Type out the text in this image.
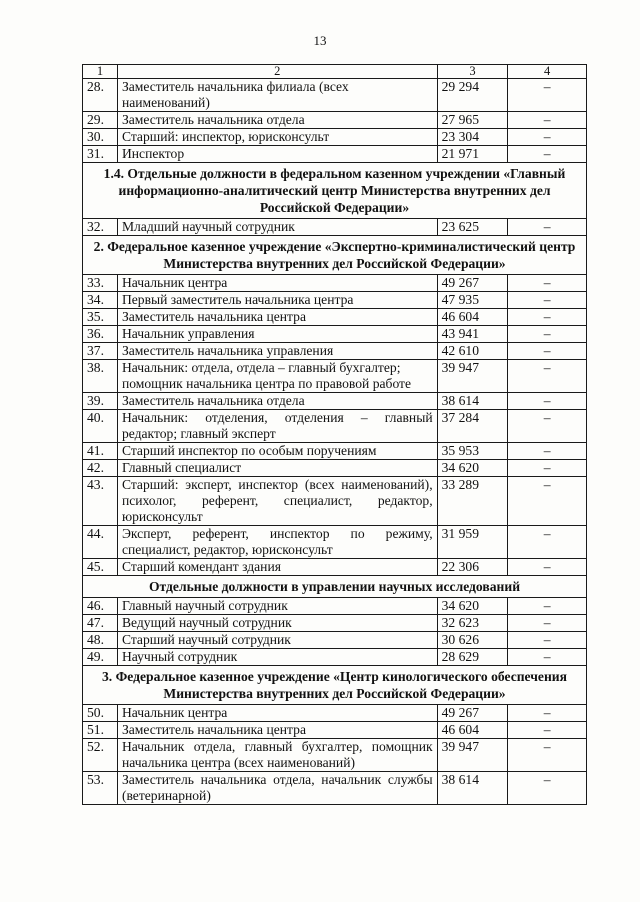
13
1	2	3	4
28.	Заместитель начальника филиала (всех наименований)	29 294	–
29.	Заместитель начальника отдела	27 965	–
30.	Старший: инспектор, юрисконсульт	23 304	–
31.	Инспектор	21 971	–
1.4. Отдельные должности в федеральном казенном учреждении «Главный информационно-аналитический центр Министерства внутренних дел Российской Федерации»			
32.	Младший научный сотрудник	23 625	–
2. Федеральное казенное учреждение «Экспертно-криминалистический центр Министерства внутренних дел Российской Федерации»			
33.	Начальник центра	49 267	–
34.	Первый заместитель начальника центра	47 935	–
35.	Заместитель начальника центра	46 604	–
36.	Начальник управления	43 941	–
37.	Заместитель начальника управления	42 610	–
38.	Начальник: отдела, отдела – главный бухгалтер; помощник начальника центра по правовой работе	39 947	–
39.	Заместитель начальника отдела	38 614	–
40.	Начальник: отделения, отделения – главный редактор; главный эксперт	37 284	–
41.	Старший инспектор по особым поручениям	35 953	–
42.	Главный специалист	34 620	–
43.	Старший: эксперт, инспектор (всех наименований), психолог, референт, специалист, редактор, юрисконсульт	33 289	–
44.	Эксперт, референт, инспектор по режиму, специалист, редактор, юрисконсульт	31 959	–
45.	Старший комендант здания	22 306	–
Отдельные должности в управлении научных исследований			
46.	Главный научный сотрудник	34 620	–
47.	Ведущий научный сотрудник	32 623	–
48.	Старший научный сотрудник	30 626	–
49.	Научный сотрудник	28 629	–
3. Федеральное казенное учреждение «Центр кинологического обеспечения Министерства внутренних дел Российской Федерации»			
50.	Начальник центра	49 267	–
51.	Заместитель начальника центра	46 604	–
52.	Начальник отдела, главный бухгалтер, помощник начальника центра (всех наименований)	39 947	–
53.	Заместитель начальника отдела, начальник службы (ветеринарной)	38 614	–
